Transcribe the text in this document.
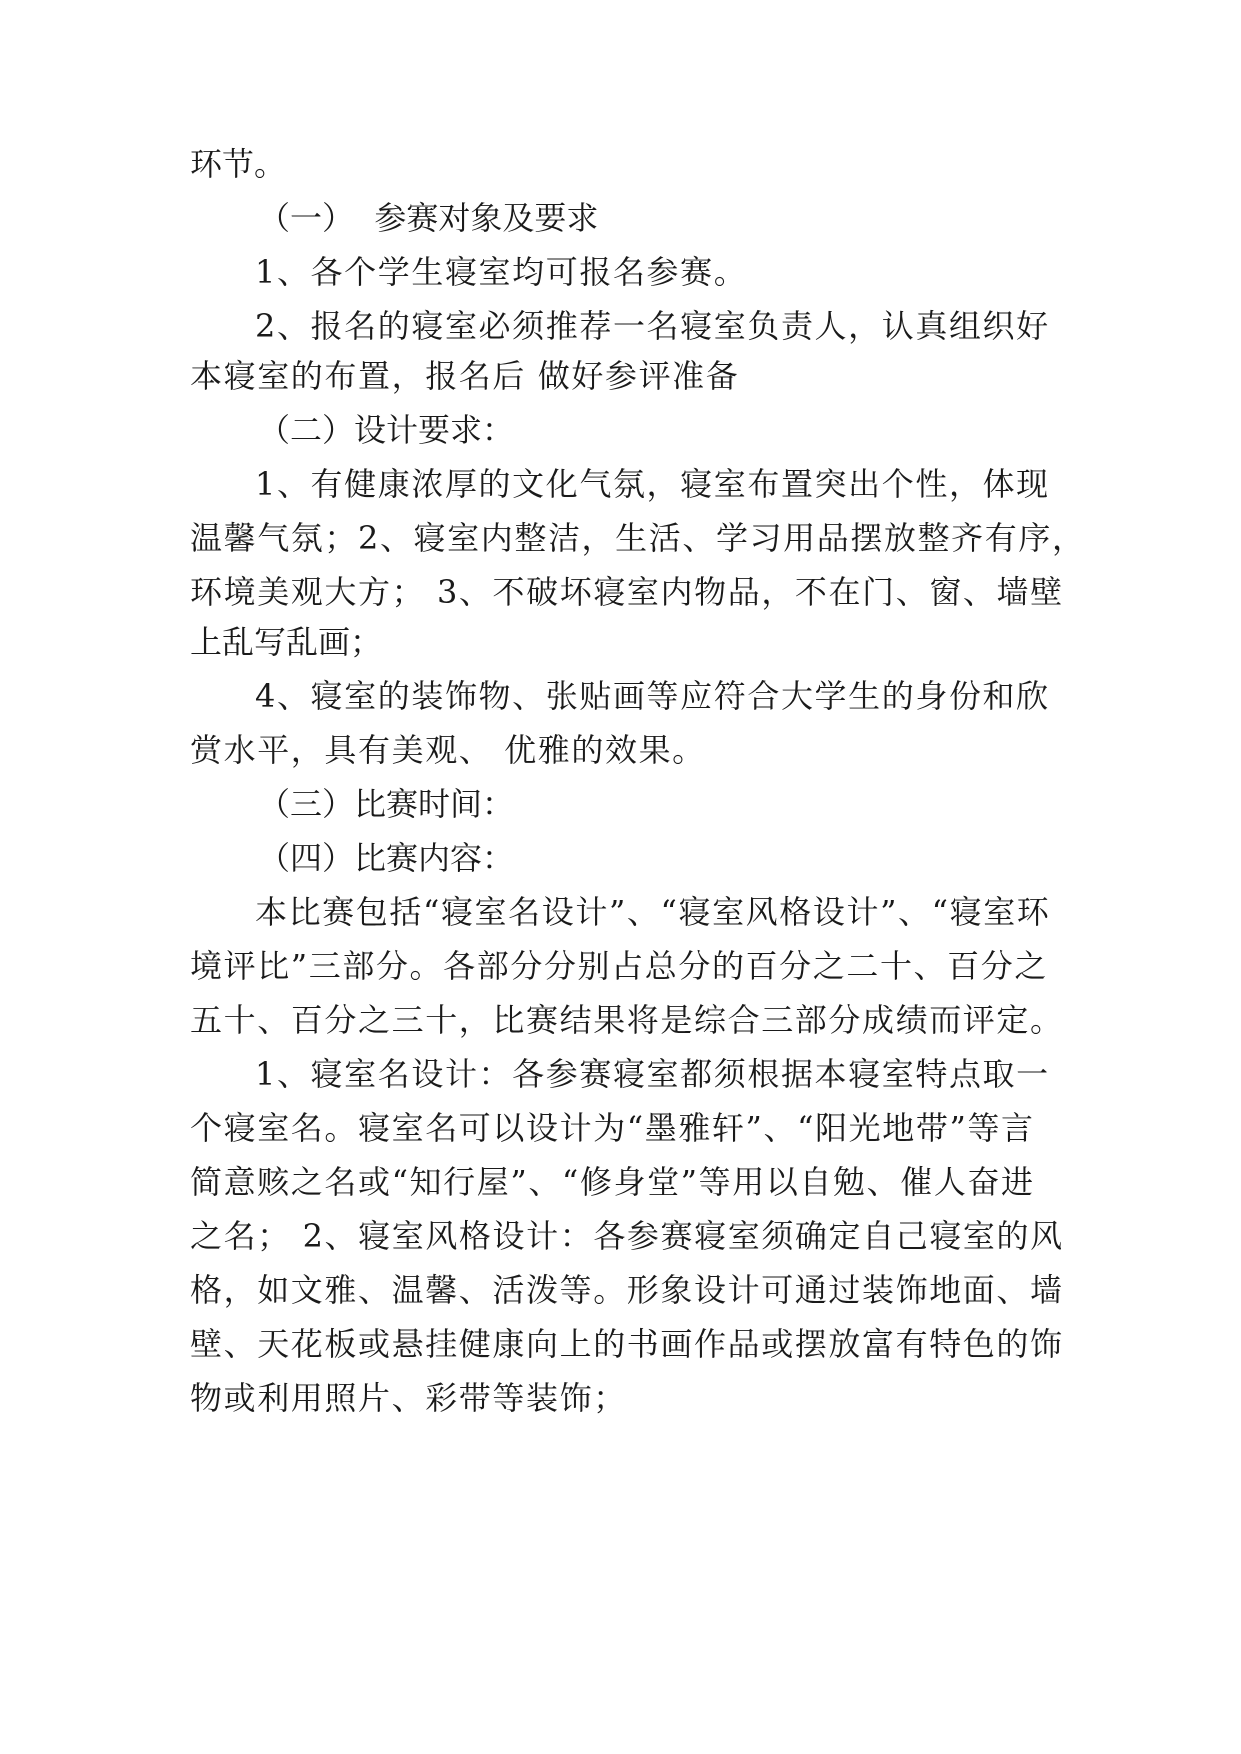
环节。
（一）  参赛对象及要求
1、各个学生寝室均可报名参赛。
2、报名的寝室必须推荐一名寝室负责人，认真组织好
本寝室的布置，报名后 做好参评准备
（二）设计要求：
1、有健康浓厚的文化气氛，寝室布置突出个性，体现
温馨气氛；2、寝室内整洁，生活、学习用品摆放整齐有序，
环境美观大方； 3、不破坏寝室内物品，不在门、窗、墙壁
上乱写乱画；
4、寝室的装饰物、张贴画等应符合大学生的身份和欣
赏水平，具有美观、 优雅的效果。
（三）比赛时间：
（四）比赛内容：
本比赛包括“寝室名设计”、“寝室风格设计”、“寝室环
境评比”三部分。各部分分别占总分的百分之二十、百分之
五十、百分之三十，比赛结果将是综合三部分成绩而评定。
1、寝室名设计：各参赛寝室都须根据本寝室特点取一
个寝室名。寝室名可以设计为“墨雅轩”、“阳光地带”等言
简意赅之名或“知行屋”、“修身堂”等用以自勉、催人奋进
之名； 2、寝室风格设计：各参赛寝室须确定自己寝室的风
格，如文雅、温馨、活泼等。形象设计可通过装饰地面、墙
壁、天花板或悬挂健康向上的书画作品或摆放富有特色的饰
物或利用照片、彩带等装饰；
